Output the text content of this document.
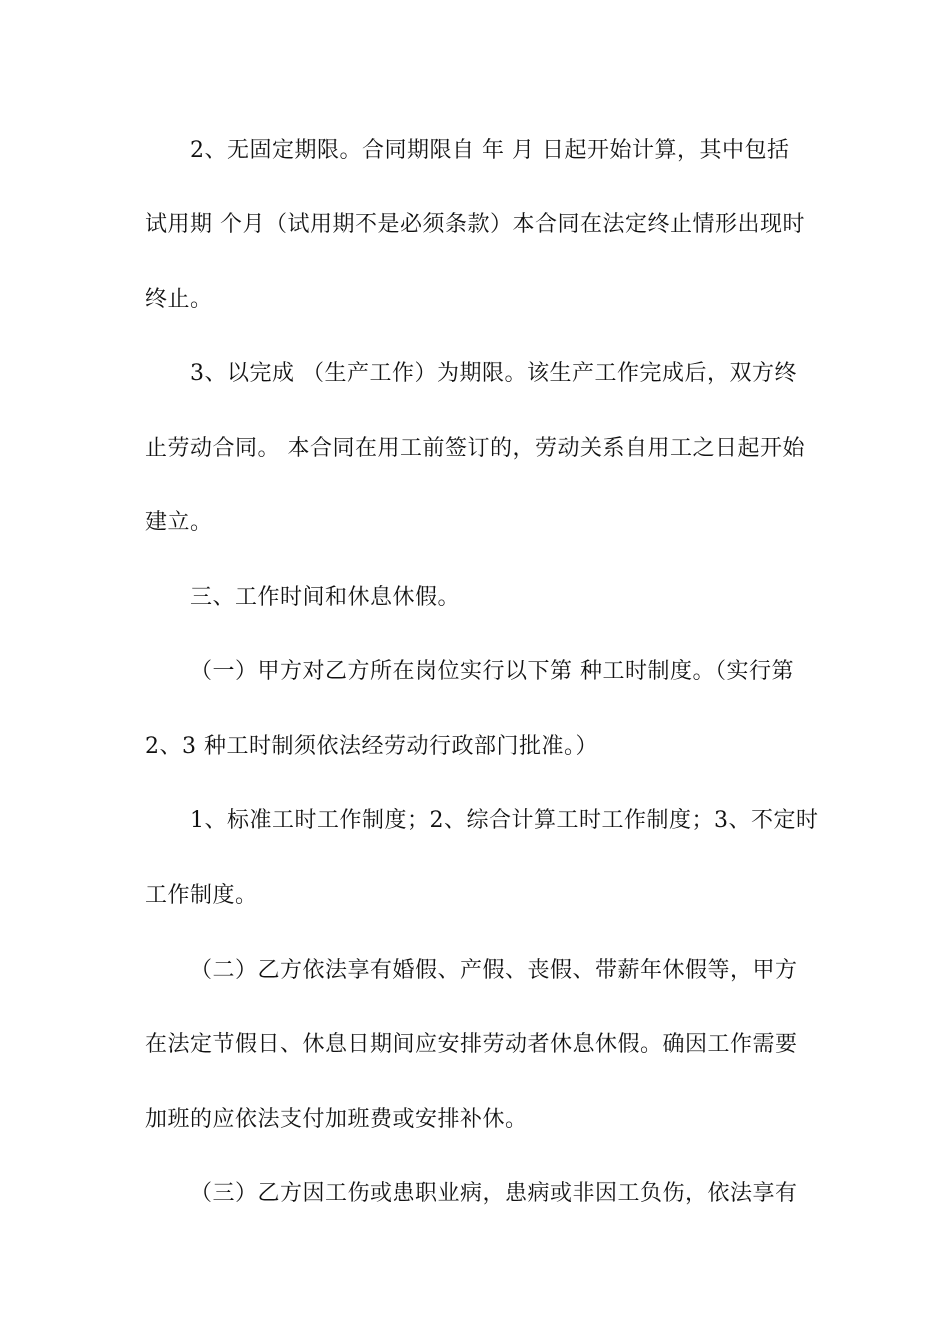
2、无固定期限。合同期限自 年 月 日起开始计算，其中包括
试用期 个月（试用期不是必须条款）本合同在法定终止情形出现时
终止。
3、以完成 （生产工作）为期限。该生产工作完成后，双方终
止劳动合同。 本合同在用工前签订的，劳动关系自用工之日起开始
建立。
三、工作时间和休息休假。
（一）甲方对乙方所在岗位实行以下第 种工时制度。（实行第
2、3 种工时制须依法经劳动行政部门批准。）
1、标准工时工作制度；2、综合计算工时工作制度；3、不定时
工作制度。
（二）乙方依法享有婚假、产假、丧假、带薪年休假等，甲方
在法定节假日、休息日期间应安排劳动者休息休假。确因工作需要
加班的应依法支付加班费或安排补休。
（三）乙方因工伤或患职业病，患病或非因工负伤，依法享有
